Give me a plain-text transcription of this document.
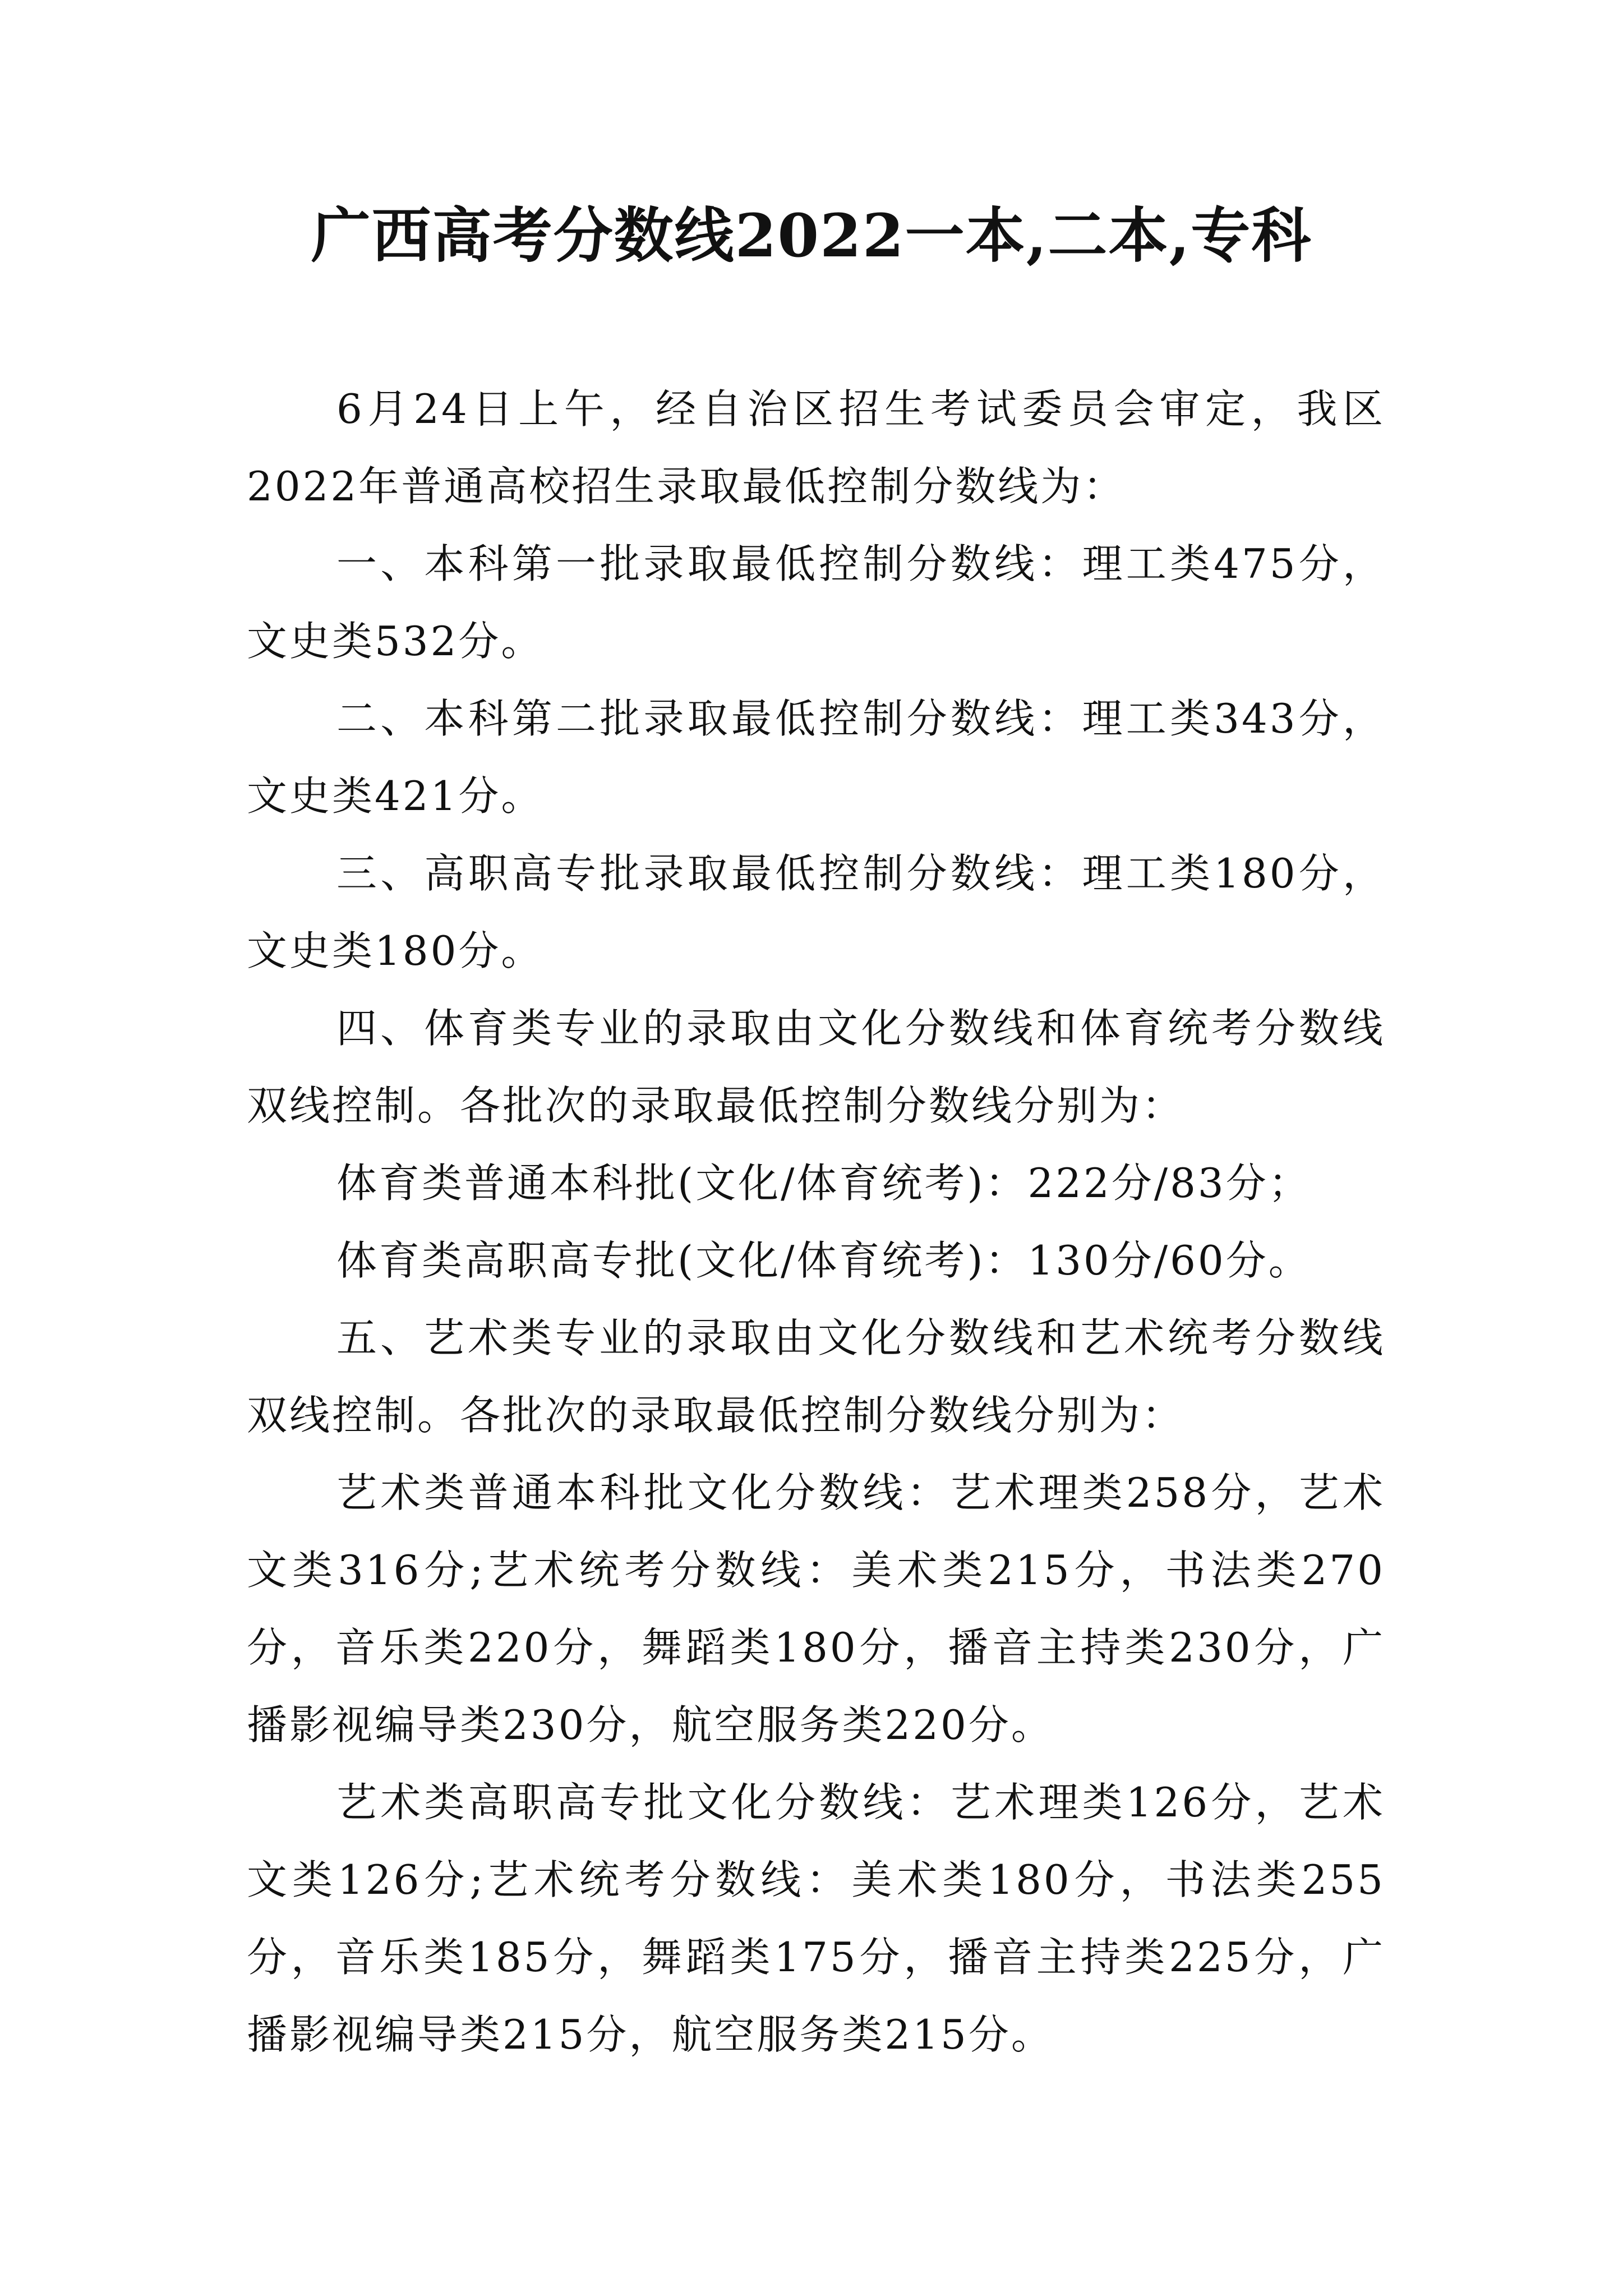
广西高考分数线2022一本,二本,专科

6月24日上午，经自治区招生考试委员会审定，我区2022年普通高校招生录取最低控制分数线为：

一、本科第一批录取最低控制分数线：理工类475分，文史类532分。

二、本科第二批录取最低控制分数线：理工类343分，文史类421分。

三、高职高专批录取最低控制分数线：理工类180分，文史类180分。

四、体育类专业的录取由文化分数线和体育统考分数线双线控制。各批次的录取最低控制分数线分别为：

体育类普通本科批(文化/体育统考)：222分/83分；

体育类高职高专批(文化/体育统考)：130分/60分。

五、艺术类专业的录取由文化分数线和艺术统考分数线双线控制。各批次的录取最低控制分数线分别为：

艺术类普通本科批文化分数线：艺术理类258分，艺术文类316分;艺术统考分数线：美术类215分，书法类270分，音乐类220分，舞蹈类180分，播音主持类230分，广播影视编导类230分，航空服务类220分。

艺术类高职高专批文化分数线：艺术理类126分，艺术文类126分;艺术统考分数线：美术类180分，书法类255分，音乐类185分，舞蹈类175分，播音主持类225分，广播影视编导类215分，航空服务类215分。
